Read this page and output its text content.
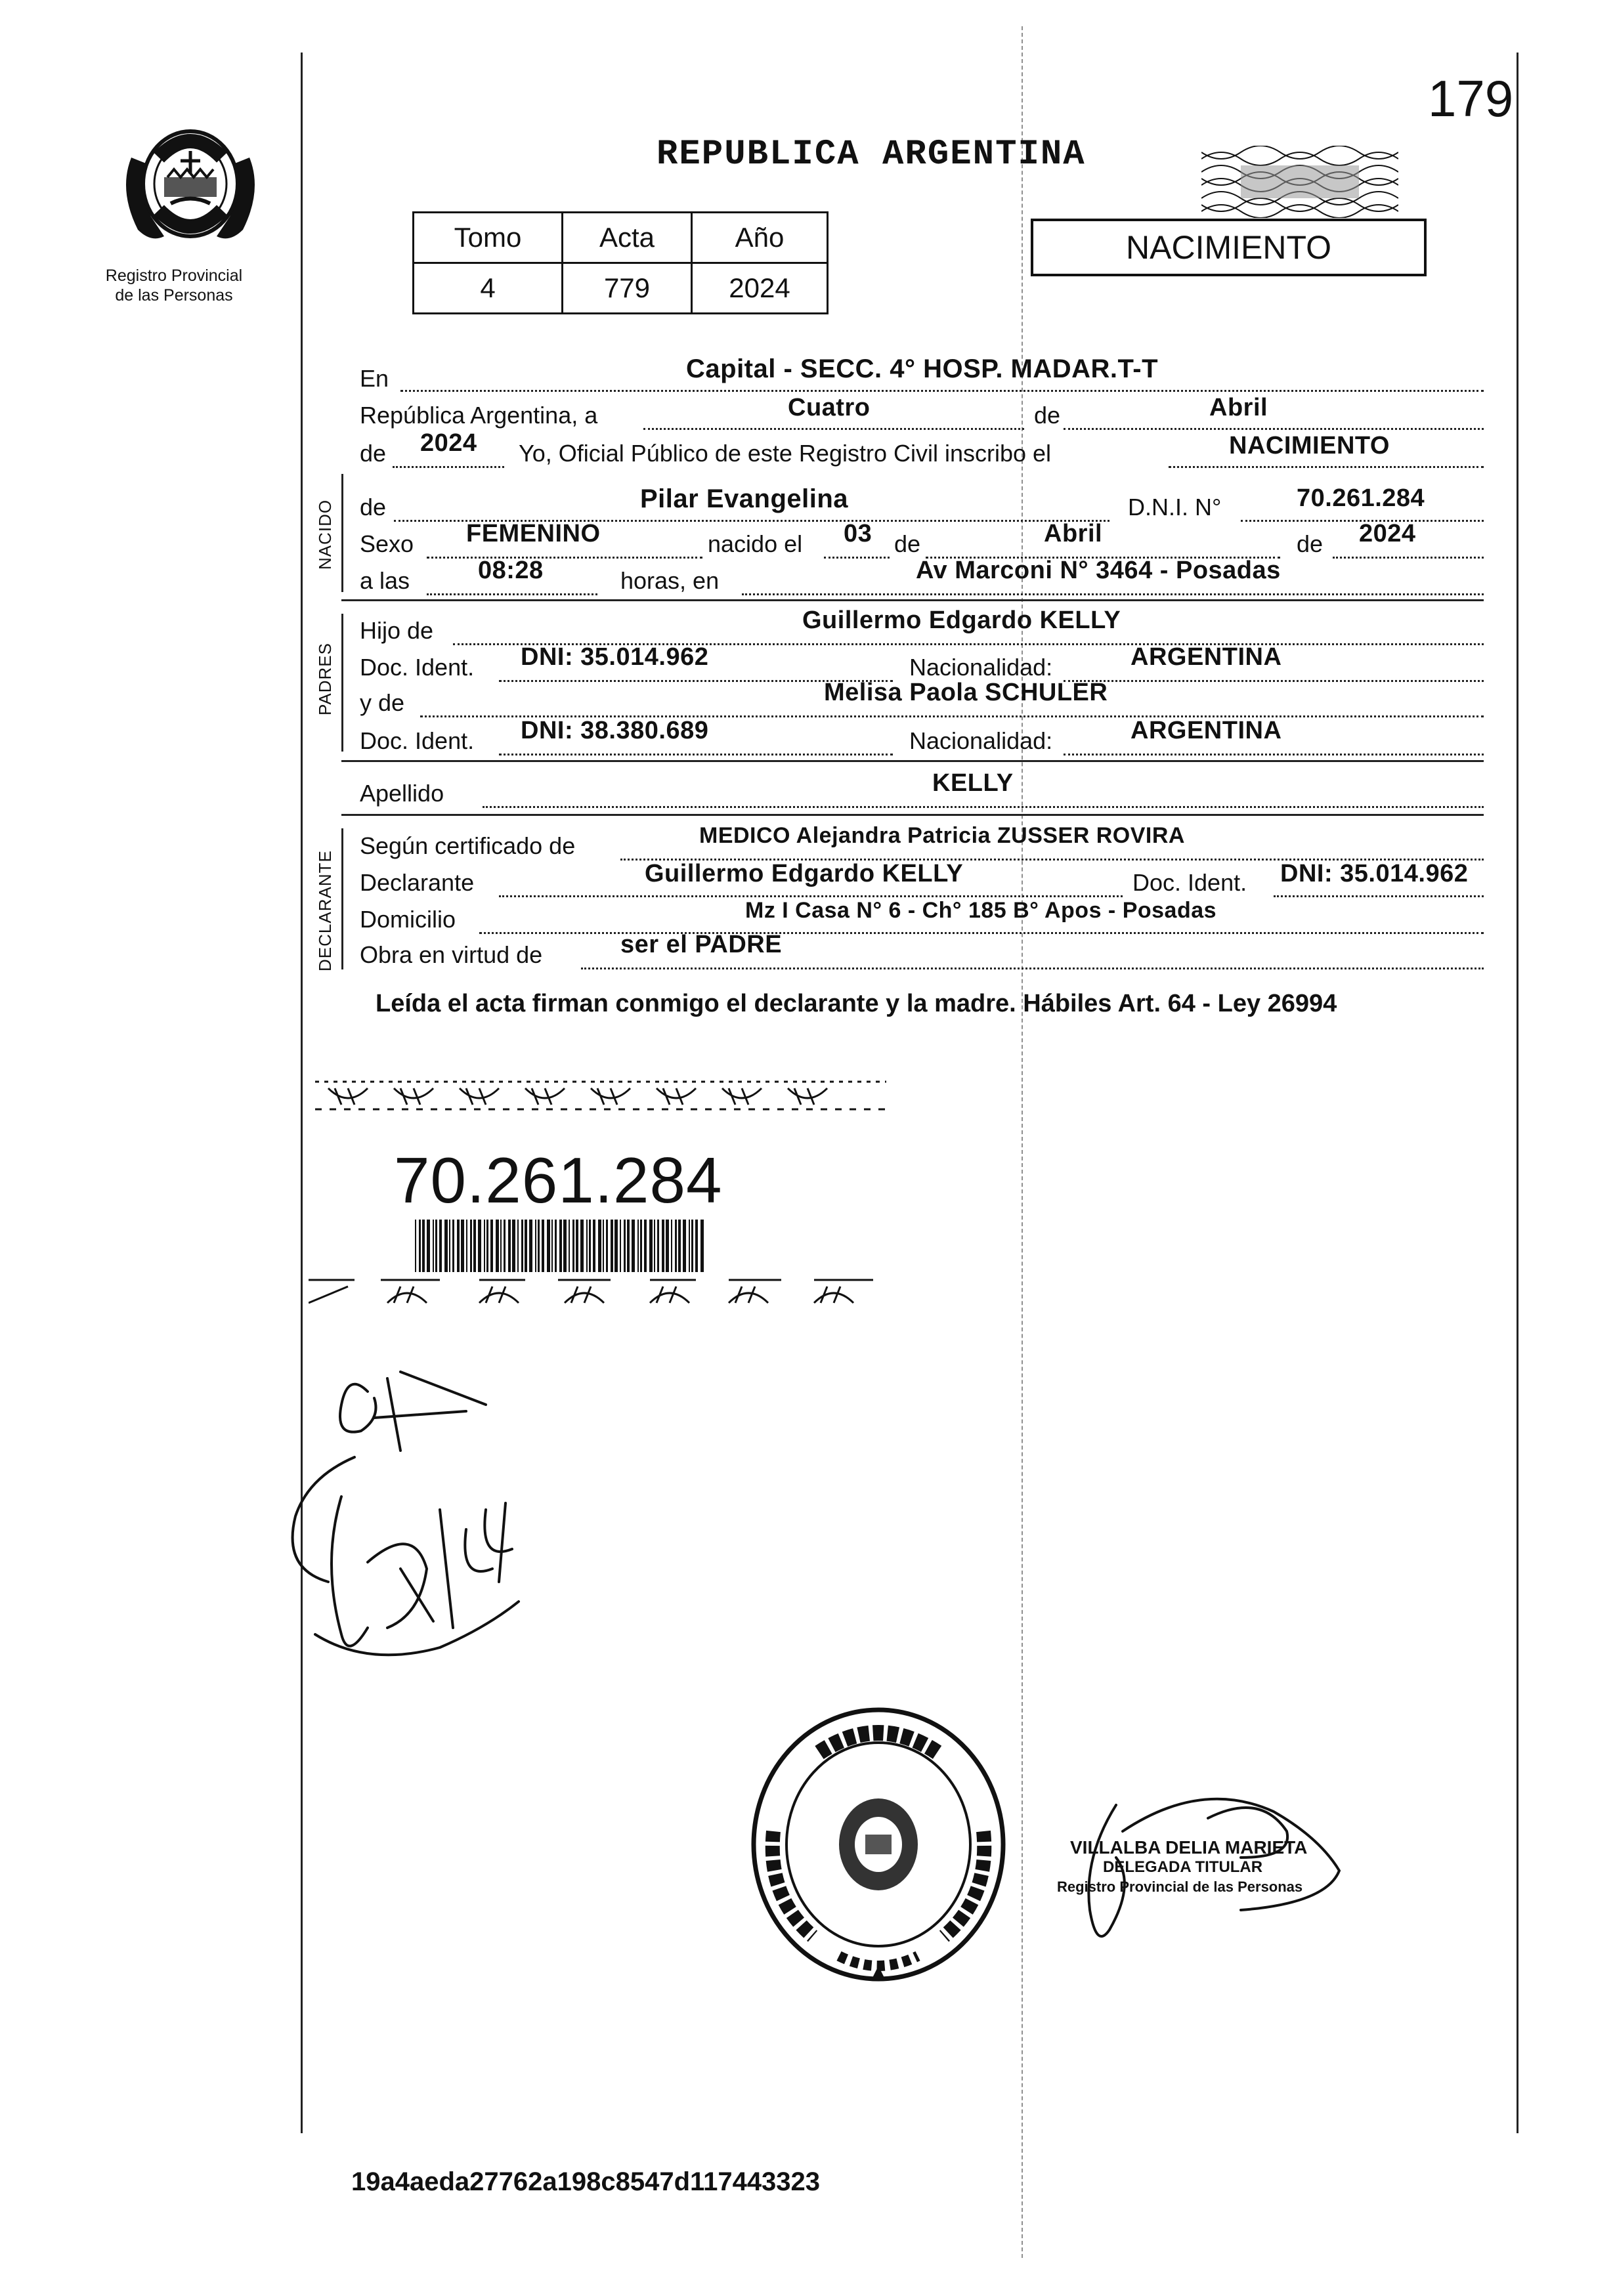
179
Registro Provincial
de las Personas
REPUBLICA ARGENTINA
Tomo	Acta	Año
4	779	2024
NACIMIENTO
En	Capital - SECC. 4° HOSP. MADAR.T-T
República Argentina, a	Cuatro	de	Abril
de 2024 Yo, Oficial Público de este Registro Civil inscribo el	NACIMIENTO
NACIDO de	Pilar Evangelina	D.N.I. N°	70.261.284
Sexo FEMENINO	nacido el 03 de	Abril	de 2024
a las	08:28	horas, en	Av Marconi N° 3464 - Posadas
PADRES
Hijo de	Guillermo Edgardo KELLY
Doc. Ident. DNI: 35.014.962	Nacionalidad:	ARGENTINA
y de	Melisa Paola SCHULER
Doc. Ident. DNI: 38.380.689	Nacionalidad:	ARGENTINA
Apellido	KELLY
DECLARANTE
Según certificado de	MEDICO Alejandra Patricia ZUSSER ROVIRA
Declarante	Guillermo Edgardo KELLY	Doc. Ident. DNI: 35.014.962
Domicilio	Mz I Casa N° 6 - Ch° 185 B° Apos - Posadas
Obra en virtud de	ser el PADRE
Leída el acta firman conmigo el declarante y la madre. Hábiles Art. 64 - Ley 26994
70.261.284
VILLALBA DELIA MARIETA
DELEGADA TITULAR
Registro Provincial de las Personas
19a4aeda27762a198c8547d117443323
